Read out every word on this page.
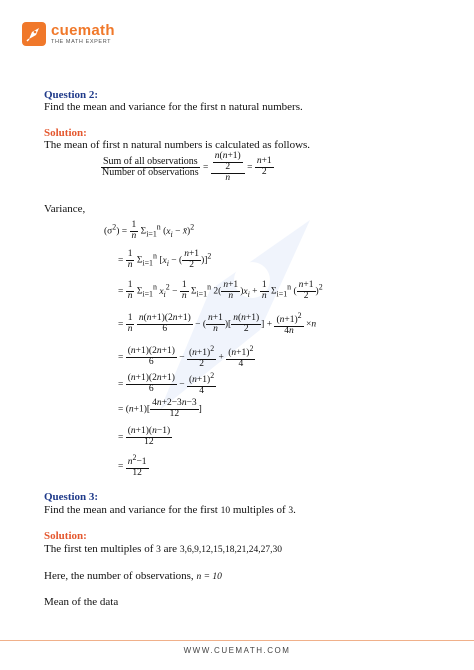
cuemath
THE MATH EXPERT
Question 2:
Find the mean and variance for the first n natural numbers.
Solution:
The mean of first n natural numbers is calculated as follows.
$\frac{\text{Sum of all observations}}{\text{Number of observations}} = \frac{\frac{n(n+1)}{2}}{n} = \frac{n+1}{2}$
Variance,
$(\sigma^2) = \frac{1}{n} \Sigma_{i=1}^n$ ($x_i$ − x̄)$^2$
= $\frac{1}{n} \Sigma_{i=1}^n$ [$x_i$ − ( $\frac{n+1}{2} )]^2$
= $\frac{1}{n} \Sigma_{i=1}^n$ $x_i^2 - \frac{1}{n} \Sigma_{i=1}^n$ $2( \frac{n+1}{n} )x_i + \frac{1}{n} \Sigma_{i=1}^n$ ( $\frac{n+1}{2} )^2$
= $\frac{1}{n}$
$\frac{n(n+1)(2n+1)}{6}$ − ( $\frac{n+1}{n}$ )[ $\frac{n(n+1)}{2}$ ] + $\frac{(n+1)^2}{4n} \times n$
= $\frac{(n+1)(2n+1)}{6} - \frac{(n+1)^2}{2} + \frac{(n+1)^2}{4}$
= $\frac{(n+1)(2n+1)}{6} - \frac{(n+1)^2}{4}$
= $(n+1)[ \frac{4n+2-3n-3}{12}$ ]
= $\frac{(n+1)(n-1)}{12}$
= $\frac{n^2-1}{12}$
Question 3:
Find the mean and variance for the first 10 multiples of 3.
Solution:
The first ten multiples of 3 are 3,6,9,12,15,18,21,24,27,30
Here, the number of observations, n = 10
Mean of the data
WWW.CUEMATH.COM
